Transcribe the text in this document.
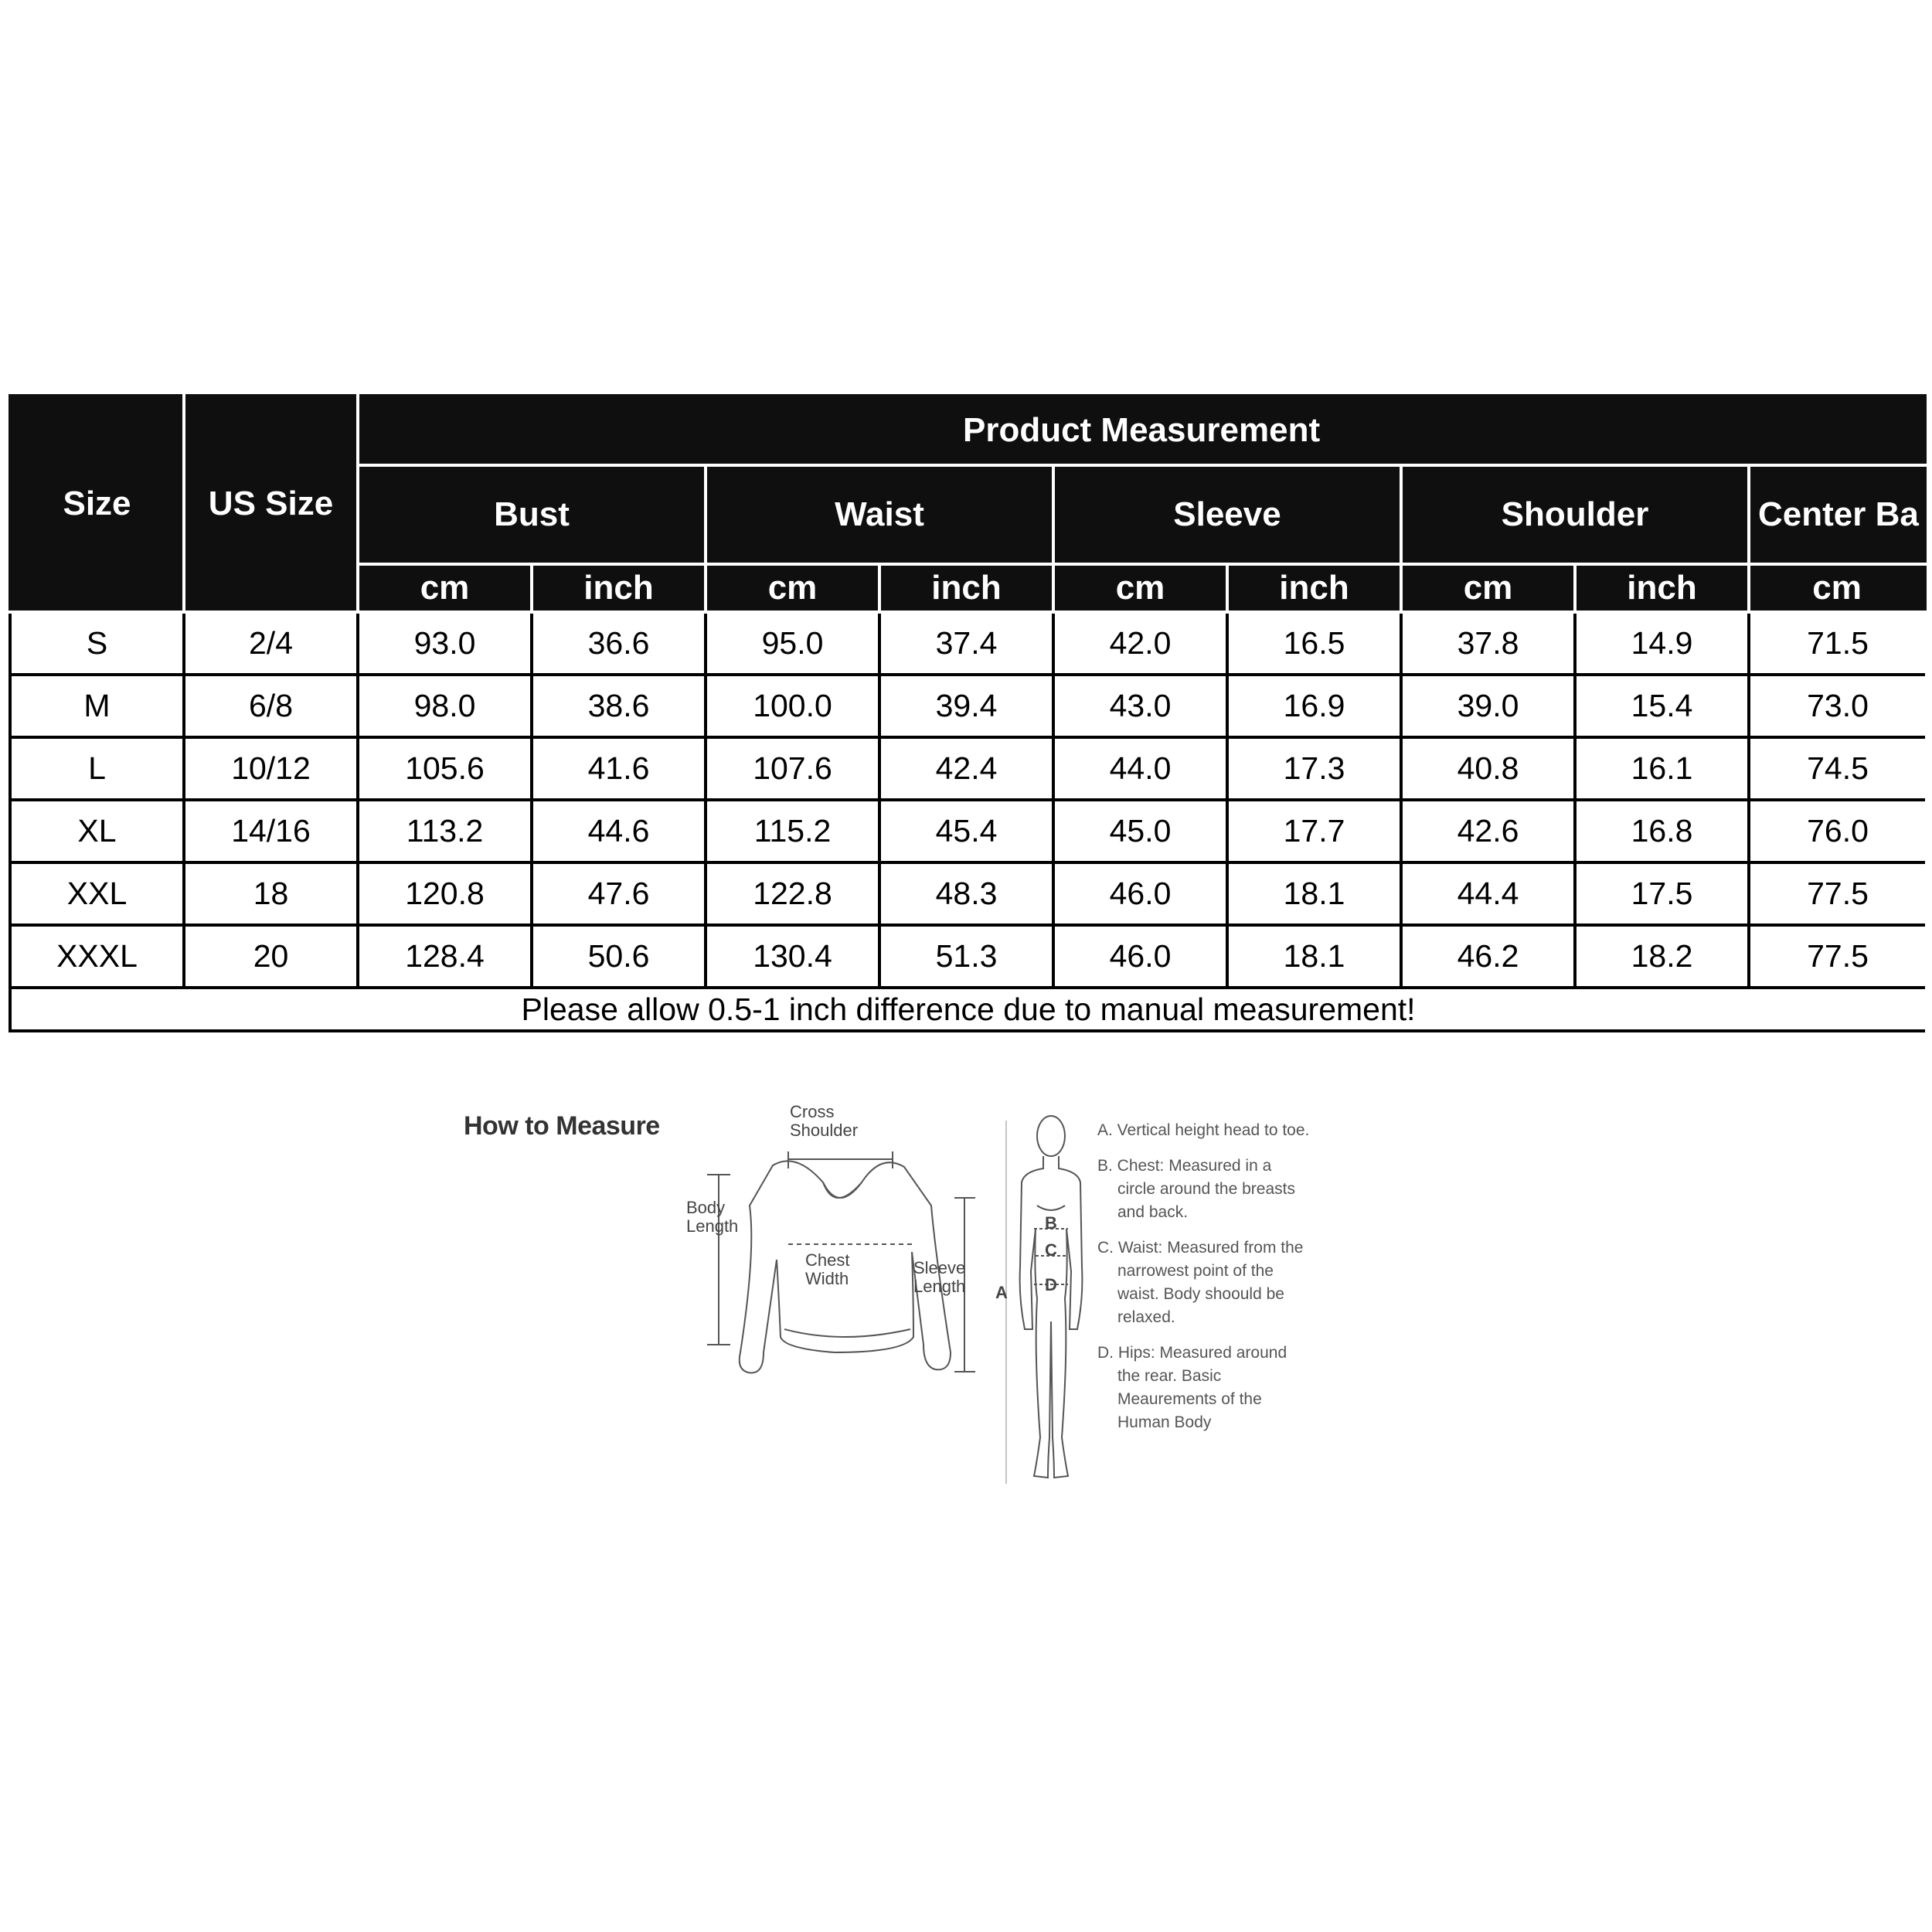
Size	US Size	Product Measurement								
		Bust		Waist		Sleeve		Shoulder		Center Ba
		cm	inch	cm	inch	cm	inch	cm	inch	cm
S	2/4	93.0	36.6	95.0	37.4	42.0	16.5	37.8	14.9	71.5
M	6/8	98.0	38.6	100.0	39.4	43.0	16.9	39.0	15.4	73.0
L	10/12	105.6	41.6	107.6	42.4	44.0	17.3	40.8	16.1	74.5
XL	14/16	113.2	44.6	115.2	45.4	45.0	17.7	42.6	16.8	76.0
XXL	18	120.8	47.6	122.8	48.3	46.0	18.1	44.4	17.5	77.5
XXXL	20	128.4	50.6	130.4	51.3	46.0	18.1	46.2	18.2	77.5
Please allow 0.5-1 inch difference due to manual measurement!										
How to Measure	Cross
Shoulder
Body
Length
Chest
Width
Sleeve
Length A
B
C
D

A. Vertical height head to toe.

B. Chest: Measured in a circle around the breasts and back.

C. Waist: Measured from the narrowest point of the waist. Body shoould be relaxed.

D. Hips: Measured around the rear. Basic Meaurements of the Human Body
